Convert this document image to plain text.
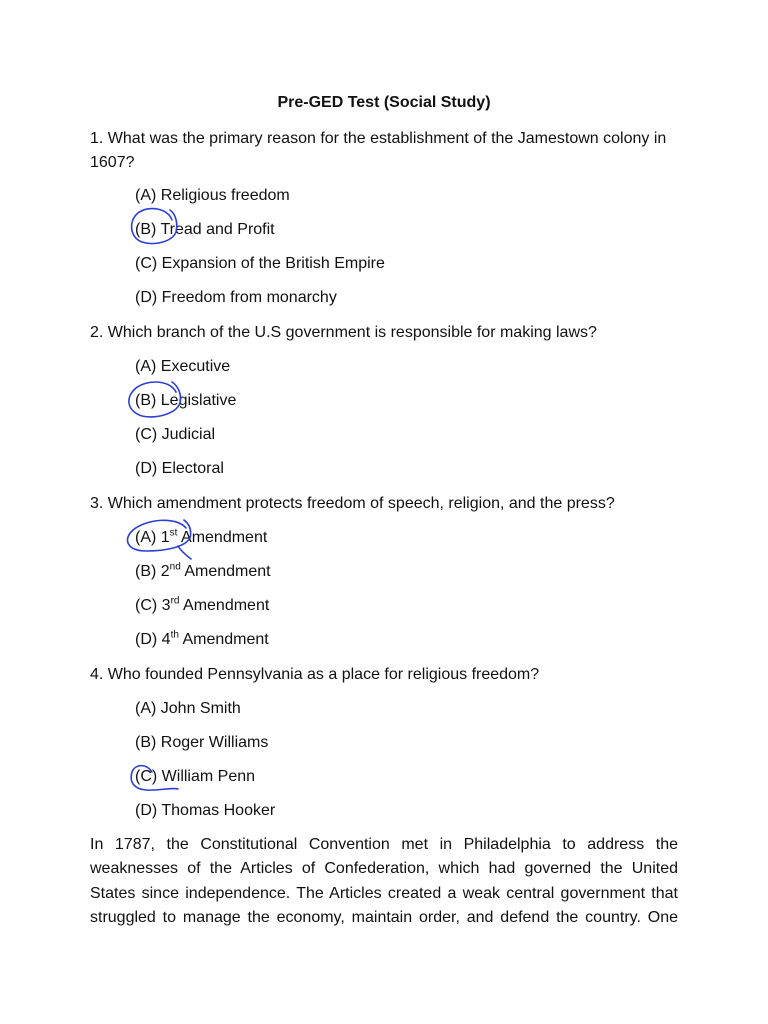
Pre-GED Test (Social Study)
1. What was the primary reason for the establishment of the Jamestown colony in
1607?
(A) Religious freedom
(B) Tread and Profit
(C) Expansion of the British Empire
(D) Freedom from monarchy
2. Which branch of the U.S government is responsible for making laws?
(A) Executive
(B) Legislative
(C) Judicial
(D) Electoral
3. Which amendment protects freedom of speech, religion, and the press?
(A) 1st Amendment
(B) 2nd Amendment
(C) 3rd Amendment
(D) 4th Amendment
4. Who founded Pennsylvania as a place for religious freedom?
(A) John Smith
(B) Roger Williams
(C) William Penn
(D) Thomas Hooker
In 1787, the Constitutional Convention met in Philadelphia to address the
weaknesses of the Articles of Confederation, which had governed the United
States since independence. The Articles created a weak central government that
struggled to manage the economy, maintain order, and defend the country. One
